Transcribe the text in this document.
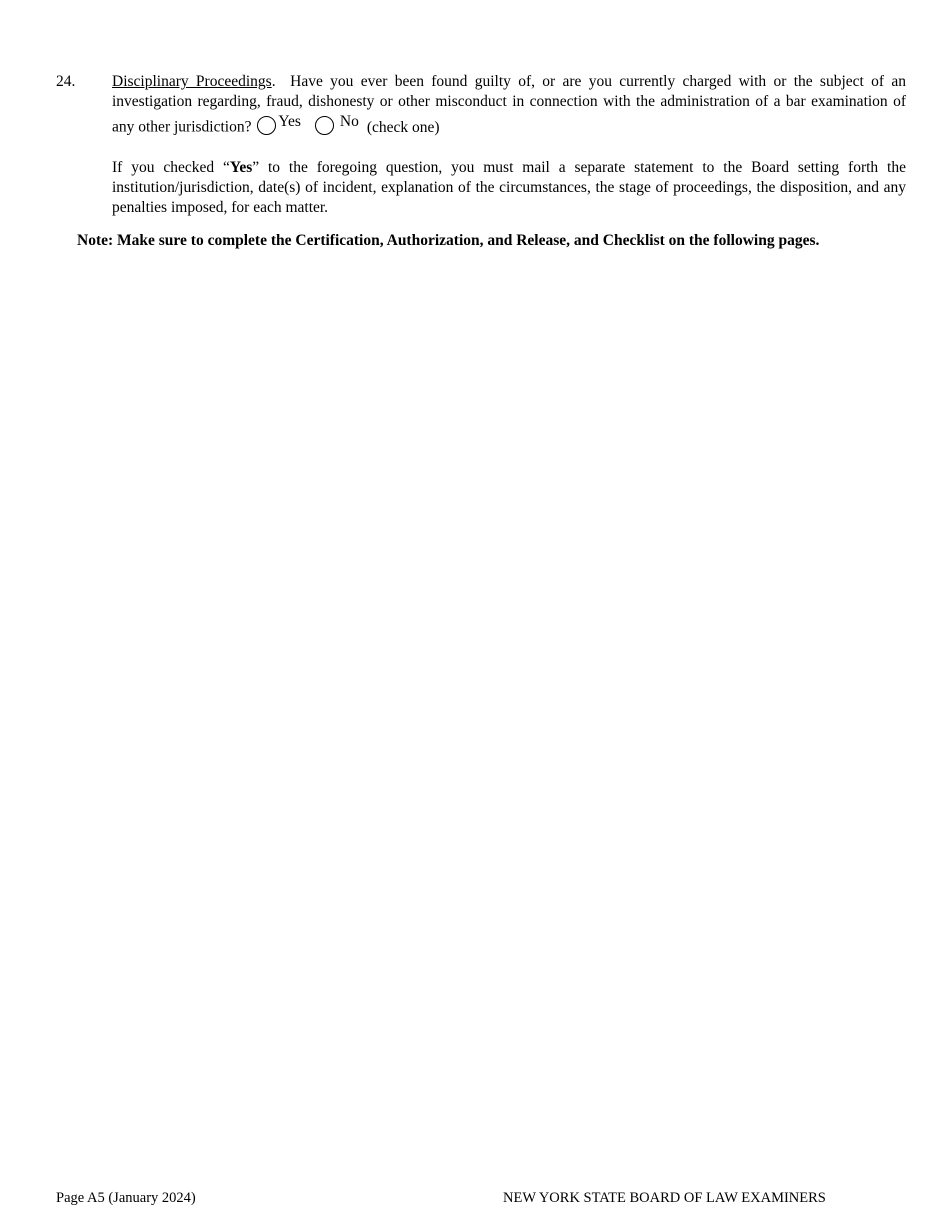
24. Disciplinary Proceedings. Have you ever been found guilty of, or are you currently charged with or the subject of an investigation regarding, fraud, dishonesty or other misconduct in connection with the administration of a bar examination of any other jurisdiction? Yes	No (check one)
If you checked “Yes” to the foregoing question, you must mail a separate statement to the Board setting forth the institution/jurisdiction, date(s) of incident, explanation of the circumstances, the stage of proceedings, the disposition, and any penalties imposed, for each matter.
Note: Make sure to complete the Certification, Authorization, and Release, and Checklist on the following pages.
Page A5 (January 2024)	NEW YORK STATE BOARD OF LAW EXAMINERS
